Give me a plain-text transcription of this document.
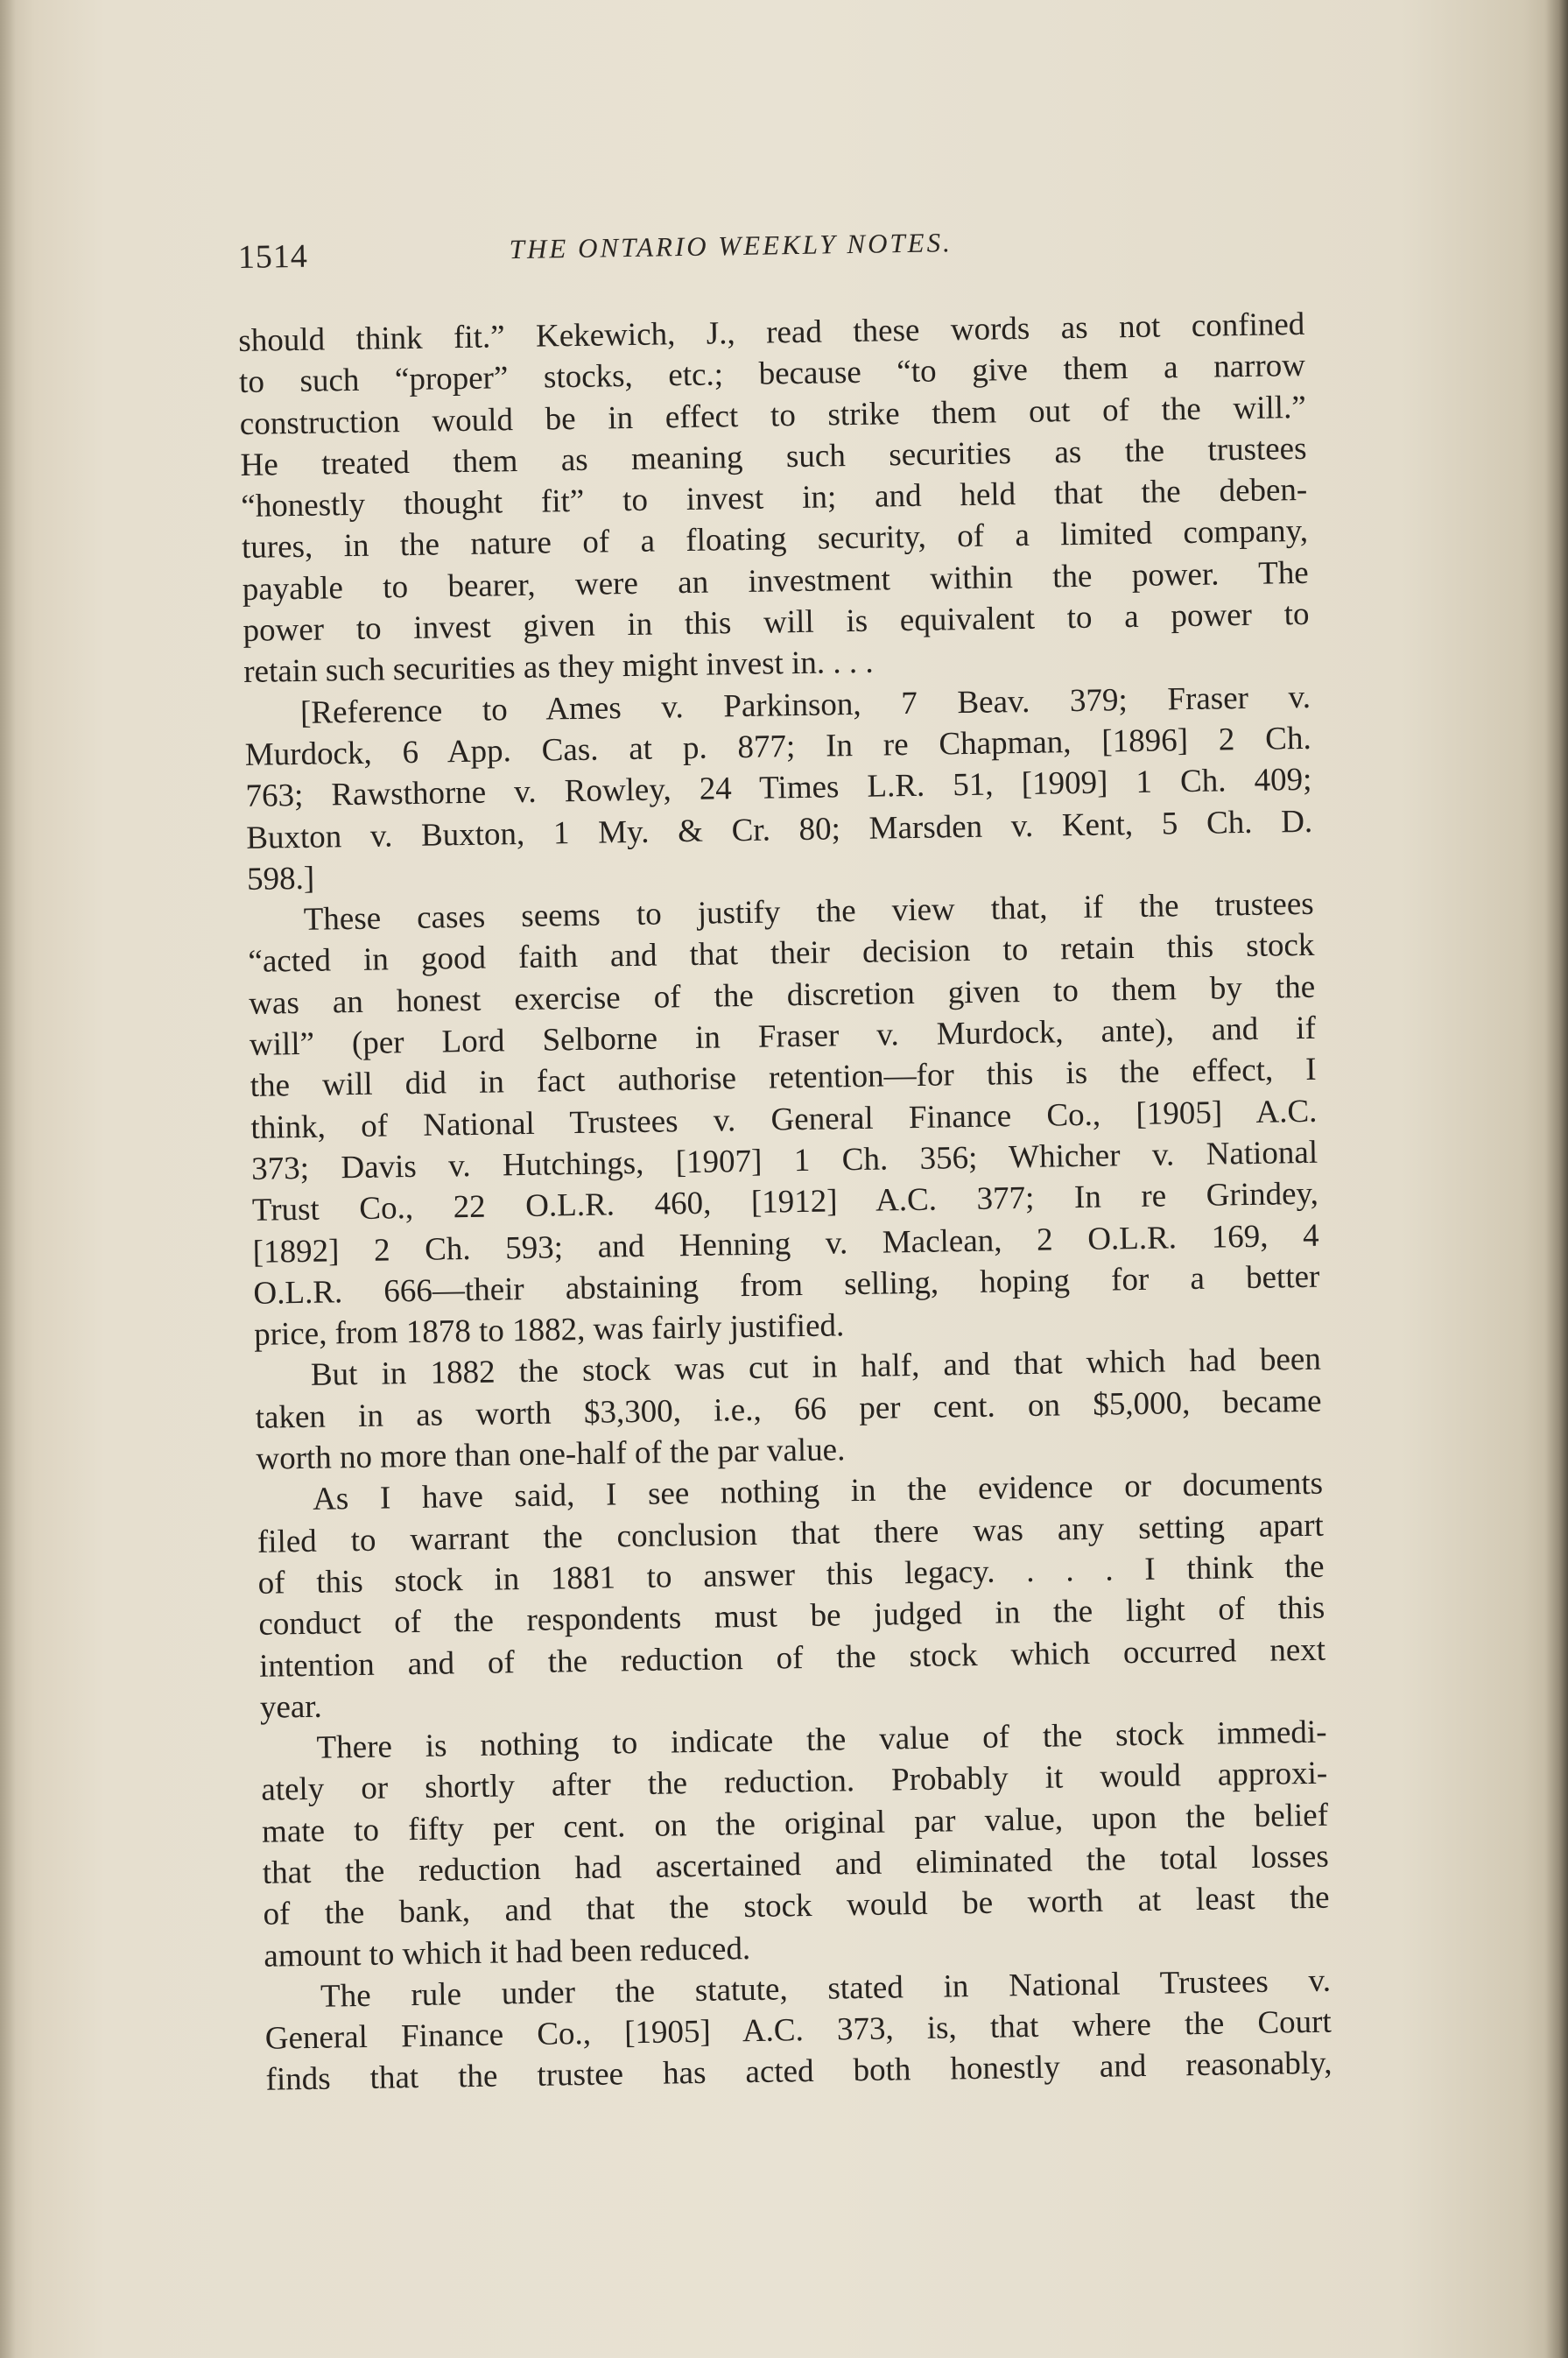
1514	THE ONTARIO WEEKLY NOTES.
should think fit.” Kekewich, J., read these words as not confined
to such “proper” stocks, etc.; because “to give them a narrow
construction would be in effect to strike them out of the will.”
He treated them as meaning such securities as the trustees
“honestly thought fit” to invest in; and held that the deben-
tures, in the nature of a floating security, of a limited company,
payable to bearer, were an investment within the power. The
power to invest given in this will is equivalent to a power to
retain such securities as they might invest in. . . .
[Reference to Ames v. Parkinson, 7 Beav. 379; Fraser v.
Murdock, 6 App. Cas. at p. 877; In re Chapman, [1896] 2 Ch.
763; Rawsthorne v. Rowley, 24 Times L.R. 51, [1909] 1 Ch. 409;
Buxton v. Buxton, 1 My. & Cr. 80; Marsden v. Kent, 5 Ch. D.
598.]
These cases seems to justify the view that, if the trustees
“acted in good faith and that their decision to retain this stock
was an honest exercise of the discretion given to them by the
will” (per Lord Selborne in Fraser v. Murdock, ante), and if
the will did in fact authorise retention—for this is the effect, I
think, of National Trustees v. General Finance Co., [1905] A.C.
373; Davis v. Hutchings, [1907] 1 Ch. 356; Whicher v. National
Trust Co., 22 O.L.R. 460, [1912] A.C. 377; In re Grindey,
[1892] 2 Ch. 593; and Henning v. Maclean, 2 O.L.R. 169, 4
O.L.R. 666—their abstaining from selling, hoping for a better
price, from 1878 to 1882, was fairly justified.
But in 1882 the stock was cut in half, and that which had been
taken in as worth $3,300, i.e., 66 per cent. on $5,000, became
worth no more than one-half of the par value.
As I have said, I see nothing in the evidence or documents
filed to warrant the conclusion that there was any setting apart
of this stock in 1881 to answer this legacy. . . . I think the
conduct of the respondents must be judged in the light of this
intention and of the reduction of the stock which occurred next
year.
There is nothing to indicate the value of the stock immedi-
ately or shortly after the reduction. Probably it would approxi-
mate to fifty per cent. on the original par value, upon the belief
that the reduction had ascertained and eliminated the total losses
of the bank, and that the stock would be worth at least the
amount to which it had been reduced.
The rule under the statute, stated in National Trustees v.
General Finance Co., [1905] A.C. 373, is, that where the Court
finds that the trustee has acted both honestly and reasonably,
